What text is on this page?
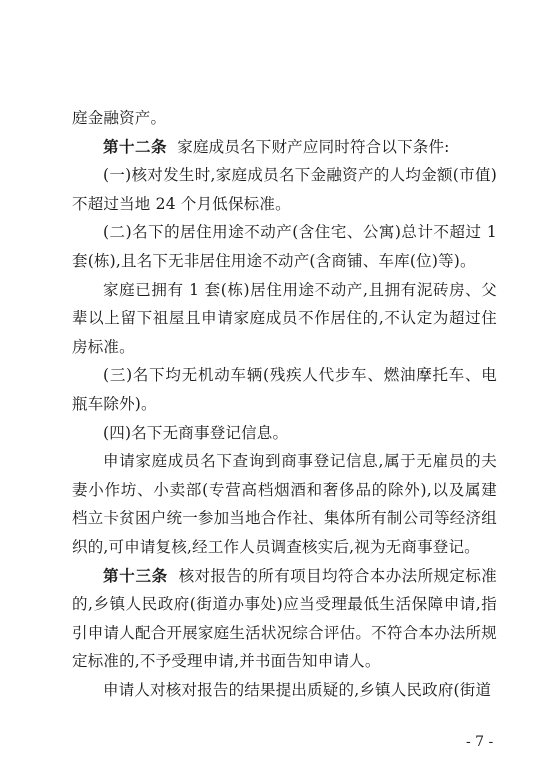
庭金融资产。

第十二条  家庭成员名下财产应同时符合以下条件:

(一)核对发生时,家庭成员名下金融资产的人均金额(市值)不超过当地 24 个月低保标准。

(二)名下的居住用途不动产(含住宅、公寓)总计不超过 1 套(栋),且名下无非居住用途不动产(含商铺、车库(位)等)。

家庭已拥有 1 套(栋)居住用途不动产,且拥有泥砖房、父辈以上留下祖屋且申请家庭成员不作居住的,不认定为超过住房标准。

(三)名下均无机动车辆(残疾人代步车、燃油摩托车、电瓶车除外)。

(四)名下无商事登记信息。

申请家庭成员名下查询到商事登记信息,属于无雇员的夫妻小作坊、小卖部(专营高档烟酒和奢侈品的除外),以及属建档立卡贫困户统一参加当地合作社、集体所有制公司等经济组织的,可申请复核,经工作人员调查核实后,视为无商事登记。

第十三条  核对报告的所有项目均符合本办法所规定标准的,乡镇人民政府(街道办事处)应当受理最低生活保障申请,指引申请人配合开展家庭生活状况综合评估。不符合本办法所规定标准的,不予受理申请,并书面告知申请人。

申请人对核对报告的结果提出质疑的,乡镇人民政府(街道

- 7 -
